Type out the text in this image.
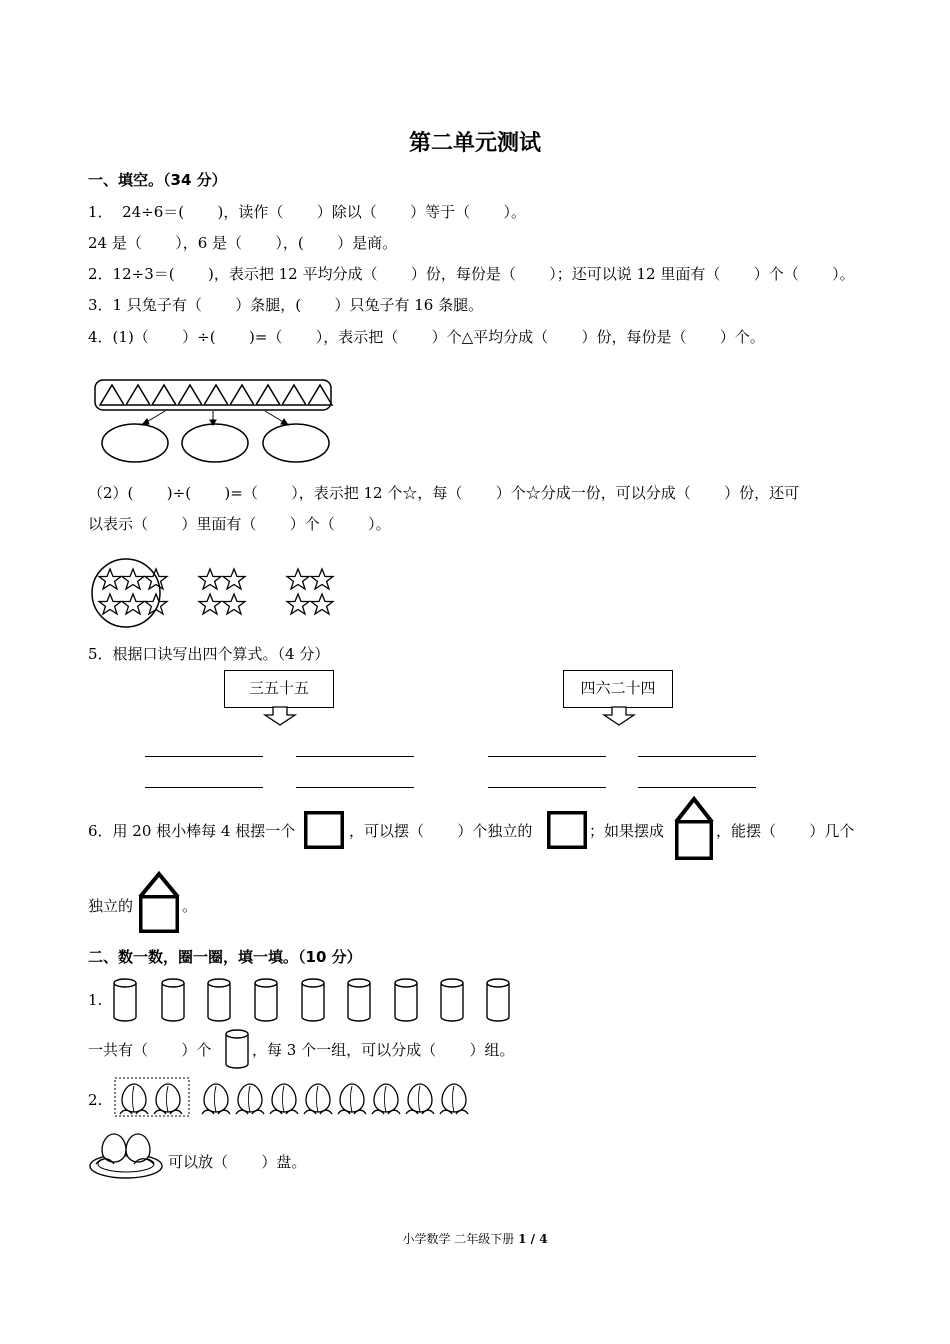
第二单元测试
一、填空。（34 分）
1．  24÷6＝(       )，读作（       ）除以（       ）等于（       ）。
24 是（       ），6 是（       ），(       ）是商。
2．12÷3＝(       )，表示把 12 平均分成（       ）份，每份是（       ）；还可以说 12 里面有（       ）个（       ）。
3．1 只兔子有（       ）条腿，(       ）只兔子有 16 条腿。
4．(1)（       ）÷(       )=（       ），表示把（       ）个△平均分成（       ）份，每份是（       ）个。
（2）(       )÷(       )=（       ），表示把 12 个☆，每（       ）个☆分成一份，可以分成（       ）份，还可
以表示（       ）里面有（       ）个（       ）。
5．根据口诀写出四个算式。（4 分）
三五十五	四六二十四
6．用 20 根小棒每 4 根摆一个	，可以摆（       ）个独立的	；如果摆成	，能摆（       ）几个
独立的	。
二、数一数，圈一圈，填一填。（10 分）
1.
一共有（       ）个	，每 3 个一组，可以分成（       ）组。
2.
可以放（       ）盘。
小学数学 二年级下册 1 / 4
